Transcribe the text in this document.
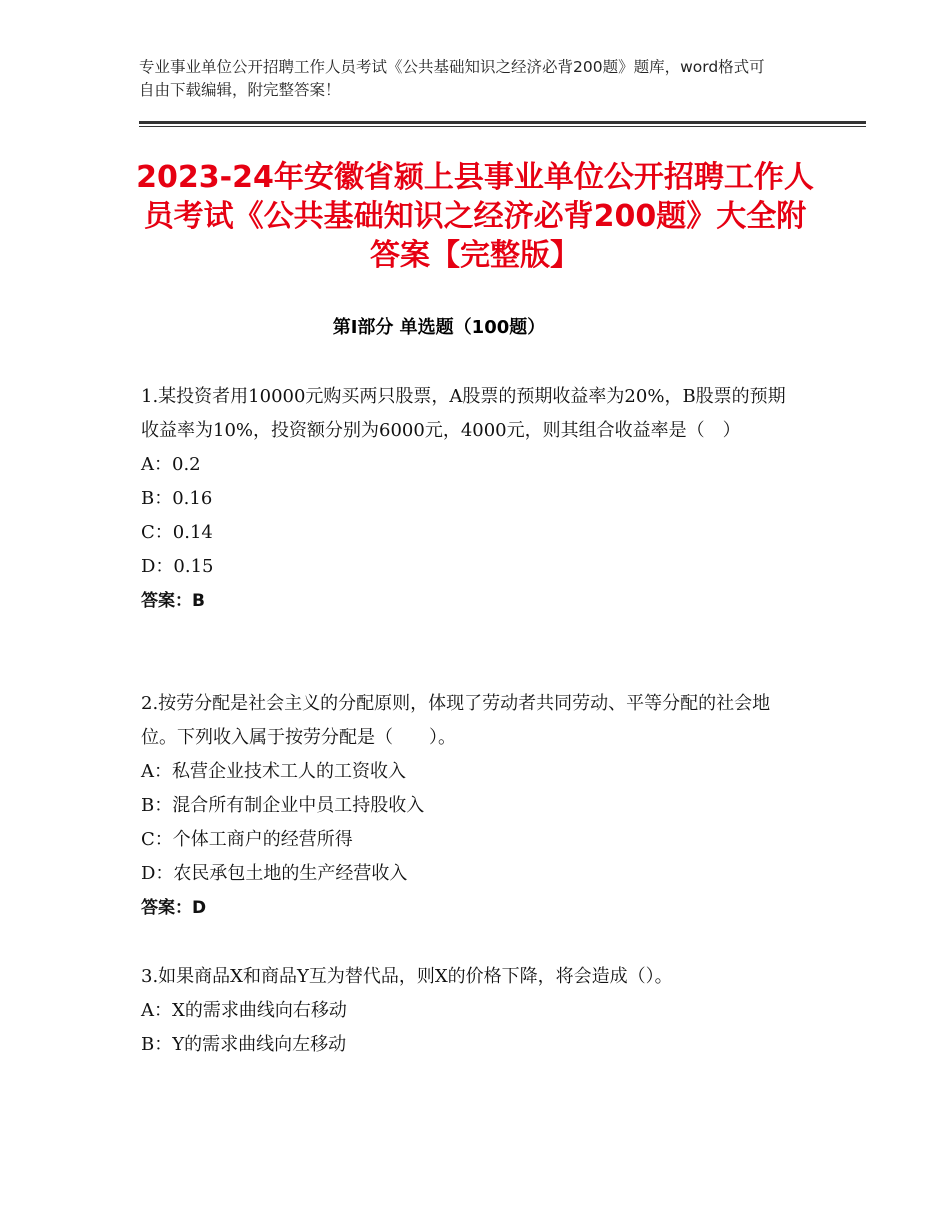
专业事业单位公开招聘工作人员考试《公共基础知识之经济必背200题》题库，word格式可自由下载编辑，附完整答案！
2023-24年安徽省颍上县事业单位公开招聘工作人员考试《公共基础知识之经济必背200题》大全附答案【完整版】
第Ⅰ部分 单选题（100题）
1.某投资者用10000元购买两只股票，A股票的预期收益率为20%，B股票的预期收益率为10%，投资额分别为6000元，4000元，则其组合收益率是（　）
A：0.2
B：0.16
C：0.14
D：0.15
答案：B
2.按劳分配是社会主义的分配原则，体现了劳动者共同劳动、平等分配的社会地位。下列收入属于按劳分配是（　　）。
A：私营企业技术工人的工资收入
B：混合所有制企业中员工持股收入
C：个体工商户的经营所得
D：农民承包土地的生产经营收入
答案：D
3.如果商品X和商品Y互为替代品，则X的价格下降，将会造成（）。
A：X的需求曲线向右移动
B：Y的需求曲线向左移动
